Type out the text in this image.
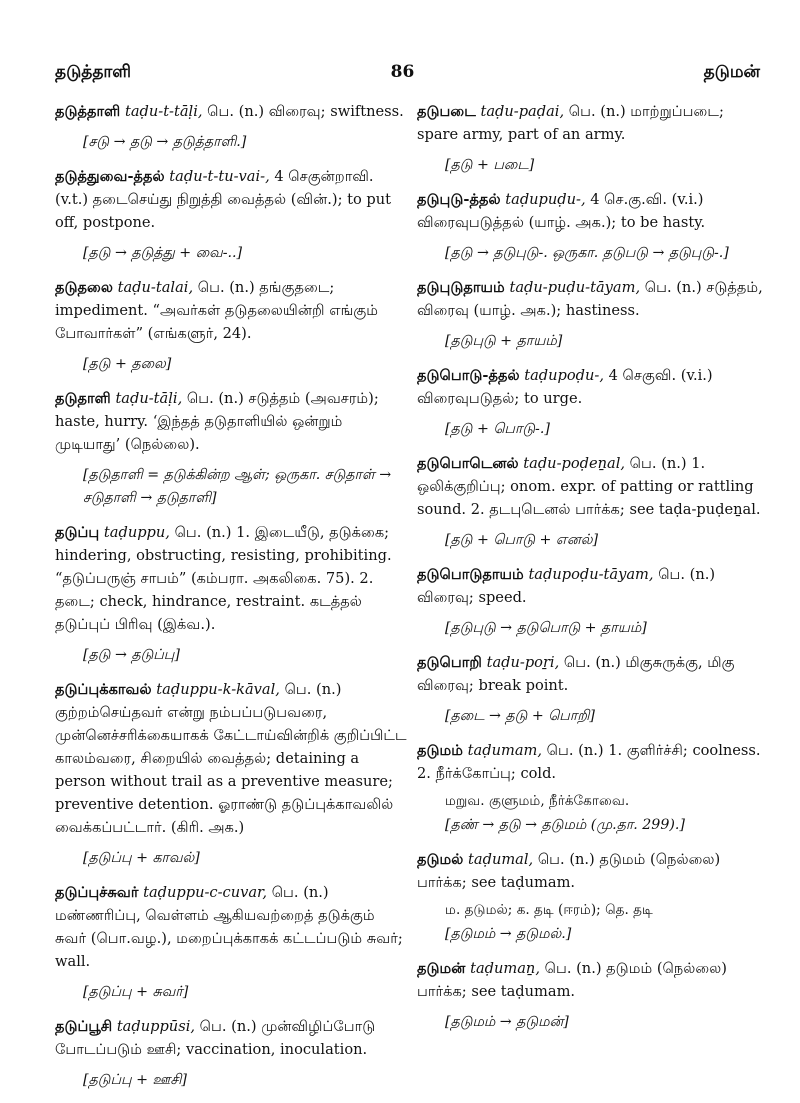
தடுத்தாளி	86	தடுமன்
தடுத்தாளி taḍu-t-tāḷi, பெ. (n.) விரைவு; swiftness.
[சடு → தடு → தடுத்தாளி.]
தடுத்துவை-த்தல் taḍu-t-tu-vai-, 4 செகுன்றாவி. (v.t.) தடைசெய்து நிறுத்தி வைத்தல் (வின்.); to put off, postpone.
[தடு → தடுத்து + வை-..]
தடுதலை taḍu-talai, பெ. (n.) தங்குதடை; impediment. “அவர்கள் தடுதலையின்றி எங்கும் போவார்கள்” (எங்களுர், 24).
[தடு + தலை]
தடுதாளி taḍu-tāḷi, பெ. (n.) சடுத்தம் (அவசரம்); haste, hurry. ‘இந்தத் தடுதாளியில் ஒன்றும் முடியாது’ (நெல்லை).
[தடுதாளி = தடுக்கின்ற ஆள்; ஒருகா. சடுதாள் → சடுதாளி → தடுதாளி]
தடுப்பு taḍuppu, பெ. (n.) 1. இடையீடு, தடுக்கை; hindering, obstructing, resisting, prohibiting. “தடுப்பருஞ் சாபம்” (கம்பரா. அகலிகை. 75). 2. தடை; check, hindrance, restraint. கடத்தல் தடுப்புப் பிரிவு (இக்வ.).
[தடு → தடுப்பு]
தடுப்புக்காவல் taḍuppu-k-kāval, பெ. (n.) குற்றம்செய்தவர் என்று நம்பப்படுபவரை, முன்னெச்சரிக்கையாகக் கேட்டாய்வின்றிக் குறிப்பிட்ட காலம்வரை, சிறையில் வைத்தல்; detaining a person without trail as a preventive measure; preventive detention. ஓராண்டு தடுப்புக்காவலில் வைக்கப்பட்டார். (கிரி. அக.)
[தடுப்பு + காவல்]
தடுப்புச்சுவர் taḍuppu-c-cuvar, பெ. (n.) மண்ணரிப்பு, வெள்ளம் ஆகியவற்றைத் தடுக்கும் சுவர் (பொ.வழ.), மறைப்புக்காகக் கட்டப்படும் சுவர்; wall.
[தடுப்பு + சுவர்]
தடுப்பூசி taḍuppūsi, பெ. (n.) முன்விழிப்போடு போடப்படும் ஊசி; vaccination, inoculation.
[தடுப்பு + ஊசி]
தடுபடை taḍu-paḍai, பெ. (n.) மாற்றுப்படை; spare army, part of an army.
[தடு + படை]
தடுபுடு-த்தல் taḍupuḍu-, 4 செ.கு.வி. (v.i.) விரைவுபடுத்தல் (யாழ். அக.); to be hasty.
[தடு → தடுபுடு-. ஒருகா. தடுபடு → தடுபுடு-.]
தடுபுடுதாயம் taḍu-puḍu-tāyam, பெ. (n.) சடுத்தம், விரைவு (யாழ். அக.); hastiness.
[தடுபுடு + தாயம்]
தடுபொடு-த்தல் taḍupoḍu-, 4 செகுவி. (v.i.) விரைவுபடுதல்; to urge.
[தடு + பொடு-.]
தடுபொடெனல் taḍu-poḍeṉal, பெ. (n.) 1. ஒலிக்குறிப்பு; onom. expr. of patting or rattling sound. 2. தடபுடெனல் பார்க்க; see taḍa-puḍeṉal.
[தடு + பொடு + எனல்]
தடுபொடுதாயம் taḍupoḍu-tāyam, பெ. (n.) விரைவு; speed.
[தடுபுடு → தடுபொடு + தாயம்]
தடுபொறி taḍu-poṟi, பெ. (n.) மிகுசுருக்கு, மிகு விரைவு; break point.
[தடை → தடு + பொறி]
தடுமம் taḍumam, பெ. (n.) 1. குளிர்ச்சி; coolness. 2. நீர்க்கோப்பு; cold.
மறுவ. குளுமம், நீர்க்கோவை.
[தண் → தடு → தடுமம் (மு.தா. 299).]
தடுமல் taḍumal, பெ. (n.) தடுமம் (நெல்லை) பார்க்க; see taḍumam.
ம. தடுமல்; க. தடி (ஈரம்); தெ. தடி
[தடுமம் → தடுமல்.]
தடுமன் taḍumaṉ, பெ. (n.) தடுமம் (நெல்லை) பார்க்க; see taḍumam.
[தடுமம் → தடுமன்]
